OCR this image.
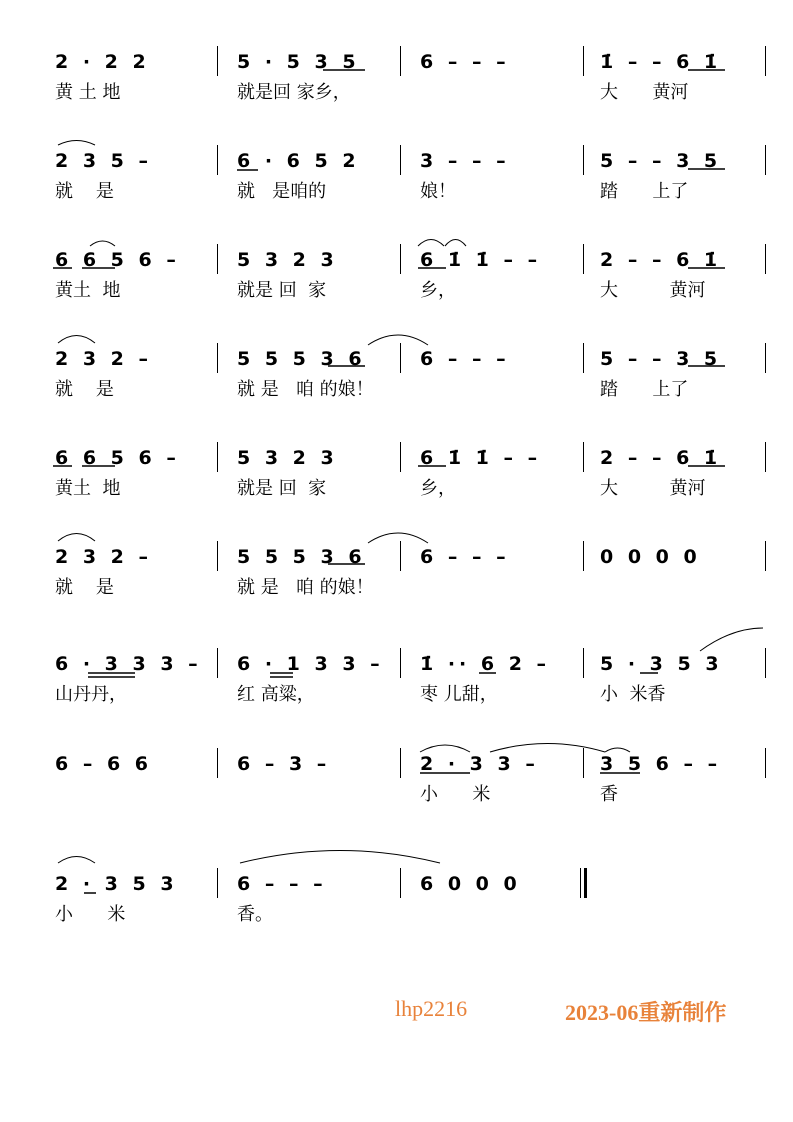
2 · 2 2	5 · 5 3 5	6 – – –	1̇ – – 6 1̇
黄 土 地	就是回 家乡，	大      黄河
2 3 5 –	6 · 6 5 2	3 – – –	5 – – 3 5
就    是	就   是咱的	娘！	踏      上了
6 6 5 6 –	5 3 2 3	6 1̇ 1̇ – –	2 – – 6 1̇
黄土  地	就是 回  家	乡，	大         黄河
2 3 2 –	5 5 5 3 6	6 – – –	5 – – 3 5
就    是	就 是   咱 的娘！	踏      上了
6 6 5 6 –	5 3 2 3	6 1̇ 1̇ – –	2 – – 6 1̇
黄土  地	就是 回  家	乡，	大         黄河
2 3 2 –	5 5 5 3 6	6 – – –	0 0 0 0
就    是	就 是   咱 的娘！
6 · 3 3 3 – 6 · 1 3 3 – 1̇ ·· 6 2 –	5 · 3 5 3
山丹丹，	红 高粱，	枣 儿甜，	小  米香
6 – 6 6	6 – 3 –	2 · 3 3 –	3 5 6 – –
小      米	香
2 · 3 5 3	6 – – –	6 0 0 0
小      米	香。
lhp2216	2023-06重新制作
